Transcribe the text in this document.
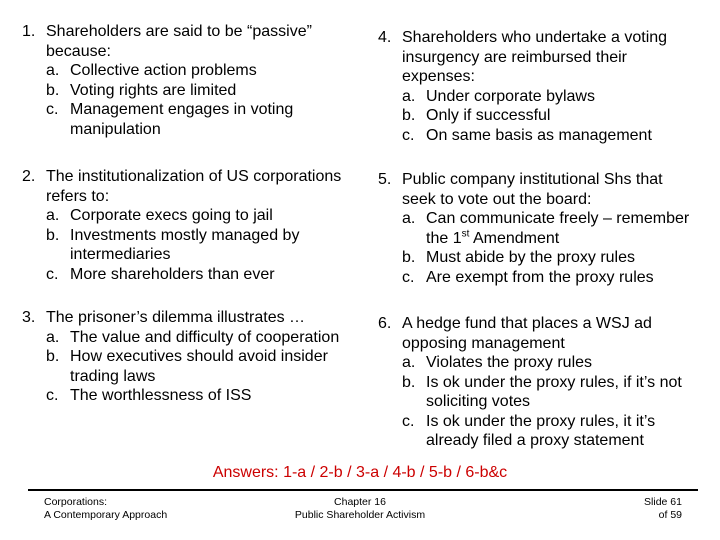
1. Shareholders are said to be “passive” because:
a. Collective action problems
b. Voting rights are limited
c. Management engages in voting manipulation
2. The institutionalization of US corporations refers to:
a. Corporate execs going to jail
b. Investments mostly managed by intermediaries
c. More shareholders than ever
3. The prisoner’s dilemma illustrates …
a. The value and difficulty of cooperation
b. How executives should avoid insider trading laws
c. The worthlessness of ISS
4. Shareholders who undertake a voting insurgency are reimbursed their expenses:
a. Under corporate bylaws
b. Only if successful
c. On same basis as management
5. Public company institutional Shs that seek to vote out the board:
a. Can communicate freely – remember the 1st Amendment
b. Must abide by the proxy rules
c. Are exempt from the proxy rules
6. A hedge fund that places a WSJ ad opposing management
a. Violates the proxy rules
b. Is ok under the proxy rules, if it’s not soliciting votes
c. Is ok under the proxy rules, it it’s already filed a proxy statement
Answers: 1-a / 2-b / 3-a / 4-b / 5-b / 6-b&c
Corporations:
A Contemporary Approach
Chapter 16
Public Shareholder Activism
Slide 61
of 59
